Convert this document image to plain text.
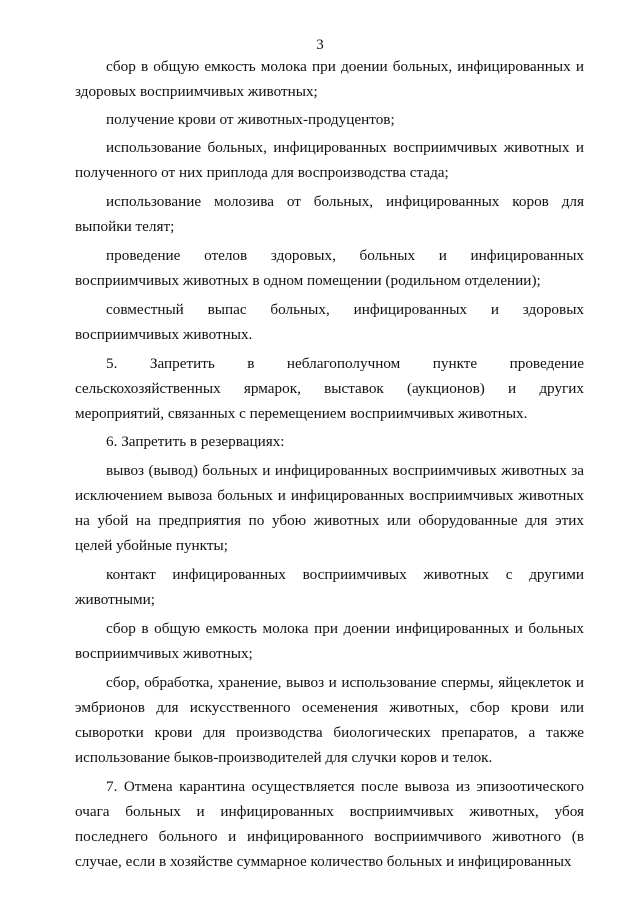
3
сбор в общую емкость молока при доении больных, инфицированных и
здоровых восприимчивых животных;
получение крови от животных-продуцентов;
использование больных, инфицированных восприимчивых животных и
полученного от них приплода для воспроизводства стада;
использование молозива от больных, инфицированных коров для
выпойки телят;
проведение отелов здоровых, больных и инфицированных
восприимчивых животных в одном помещении (родильном отделении);
совместный выпас больных, инфицированных и здоровых
восприимчивых животных.
5. Запретить в неблагополучном пункте проведение
сельскохозяйственных ярмарок, выставок (аукционов) и других
мероприятий, связанных с перемещением восприимчивых животных.
6. Запретить в резервациях:
вывоз (вывод) больных и инфицированных восприимчивых животных за
исключением вывоза больных и инфицированных восприимчивых животных
на убой на предприятия по убою животных или оборудованные для этих
целей убойные пункты;
контакт инфицированных восприимчивых животных с другими
животными;
сбор в общую емкость молока при доении инфицированных и больных
восприимчивых животных;
сбор, обработка, хранение, вывоз и использование спермы, яйцеклеток и
эмбрионов для искусственного осеменения животных, сбор крови или
сыворотки крови для производства биологических препаратов, а также
использование быков-производителей для случки коров и телок.
7. Отмена карантина осуществляется после вывоза из эпизоотического
очага больных и инфицированных восприимчивых животных, убоя
последнего больного и инфицированного восприимчивого животного (в
случае, если в хозяйстве суммарное количество больных и инфицированных
